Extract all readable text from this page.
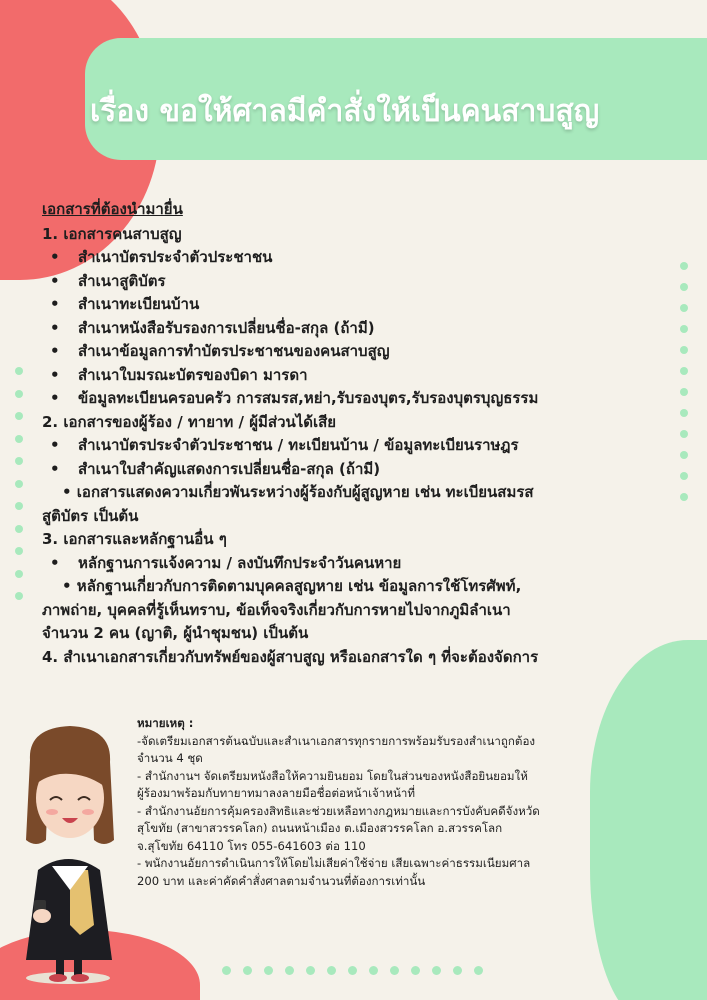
เรื่อง ขอให้ศาลมีคำสั่งให้เป็นคนสาบสูญ
เอกสารที่ต้องนำมายื่น
1. เอกสารคนสาบสูญ
• สำเนาบัตรประจำตัวประชาชน
• สำเนาสูติบัตร
• สำเนาทะเบียนบ้าน
• สำเนาหนังสือรับรองการเปลี่ยนชื่อ-สกุล (ถ้ามี)
• สำเนาข้อมูลการทำบัตรประชาชนของคนสาบสูญ
• สำเนาใบมรณะบัตรของบิดา มารดา
• ข้อมูลทะเบียนครอบครัว การสมรส,หย่า,รับรองบุตร,รับรองบุตรบุญธรรม
2. เอกสารของผู้ร้อง / ทายาท / ผู้มีส่วนได้เสีย
• สำเนาบัตรประจำตัวประชาชน / ทะเบียนบ้าน / ข้อมูลทะเบียนราษฎร
• สำเนาใบสำคัญแสดงการเปลี่ยนชื่อ-สกุล (ถ้ามี)
• เอกสารแสดงความเกี่ยวพันระหว่างผู้ร้องกับผู้สูญหาย เช่น ทะเบียนสมรส
สูติบัตร เป็นต้น
3. เอกสารและหลักฐานอื่น ๆ
• หลักฐานการแจ้งความ / ลงบันทึกประจำวันคนหาย
• หลักฐานเกี่ยวกับการติดตามบุคคลสูญหาย เช่น ข้อมูลการใช้โทรศัพท์,
ภาพถ่าย, บุคคลที่รู้เห็นทราบ, ข้อเท็จจริงเกี่ยวกับการหายไปจากภูมิลำเนา
จำนวน 2 คน (ญาติ, ผู้นำชุมชน) เป็นต้น
4. สำเนาเอกสารเกี่ยวกับทรัพย์ของผู้สาบสูญ หรือเอกสารใด ๆ ที่จะต้องจัดการ
หมายเหตุ :
-จัดเตรียมเอกสารต้นฉบับและสำเนาเอกสารทุกรายการพร้อมรับรองสำเนาถูกต้อง
จำนวน 4 ชุด
- สำนักงานฯ จัดเตรียมหนังสือให้ความยินยอม โดยในส่วนของหนังสือยินยอมให้
ผู้ร้องมาพร้อมกับทายาทมาลงลายมือชื่อต่อหน้าเจ้าหน้าที่
- สำนักงานอัยการคุ้มครองสิทธิและช่วยเหลือทางกฎหมายและการบังคับคดีจังหวัด
สุโขทัย (สาขาสวรรคโลก) ถนนหน้าเมือง ต.เมืองสวรรคโลก อ.สวรรคโลก
จ.สุโขทัย 64110 โทร 055-641603 ต่อ 110
- พนักงานอัยการดำเนินการให้โดยไม่เสียค่าใช้จ่าย เสียเฉพาะค่าธรรมเนียมศาล
200 บาท และค่าคัดคำสั่งศาลตามจำนวนที่ต้องการเท่านั้น
